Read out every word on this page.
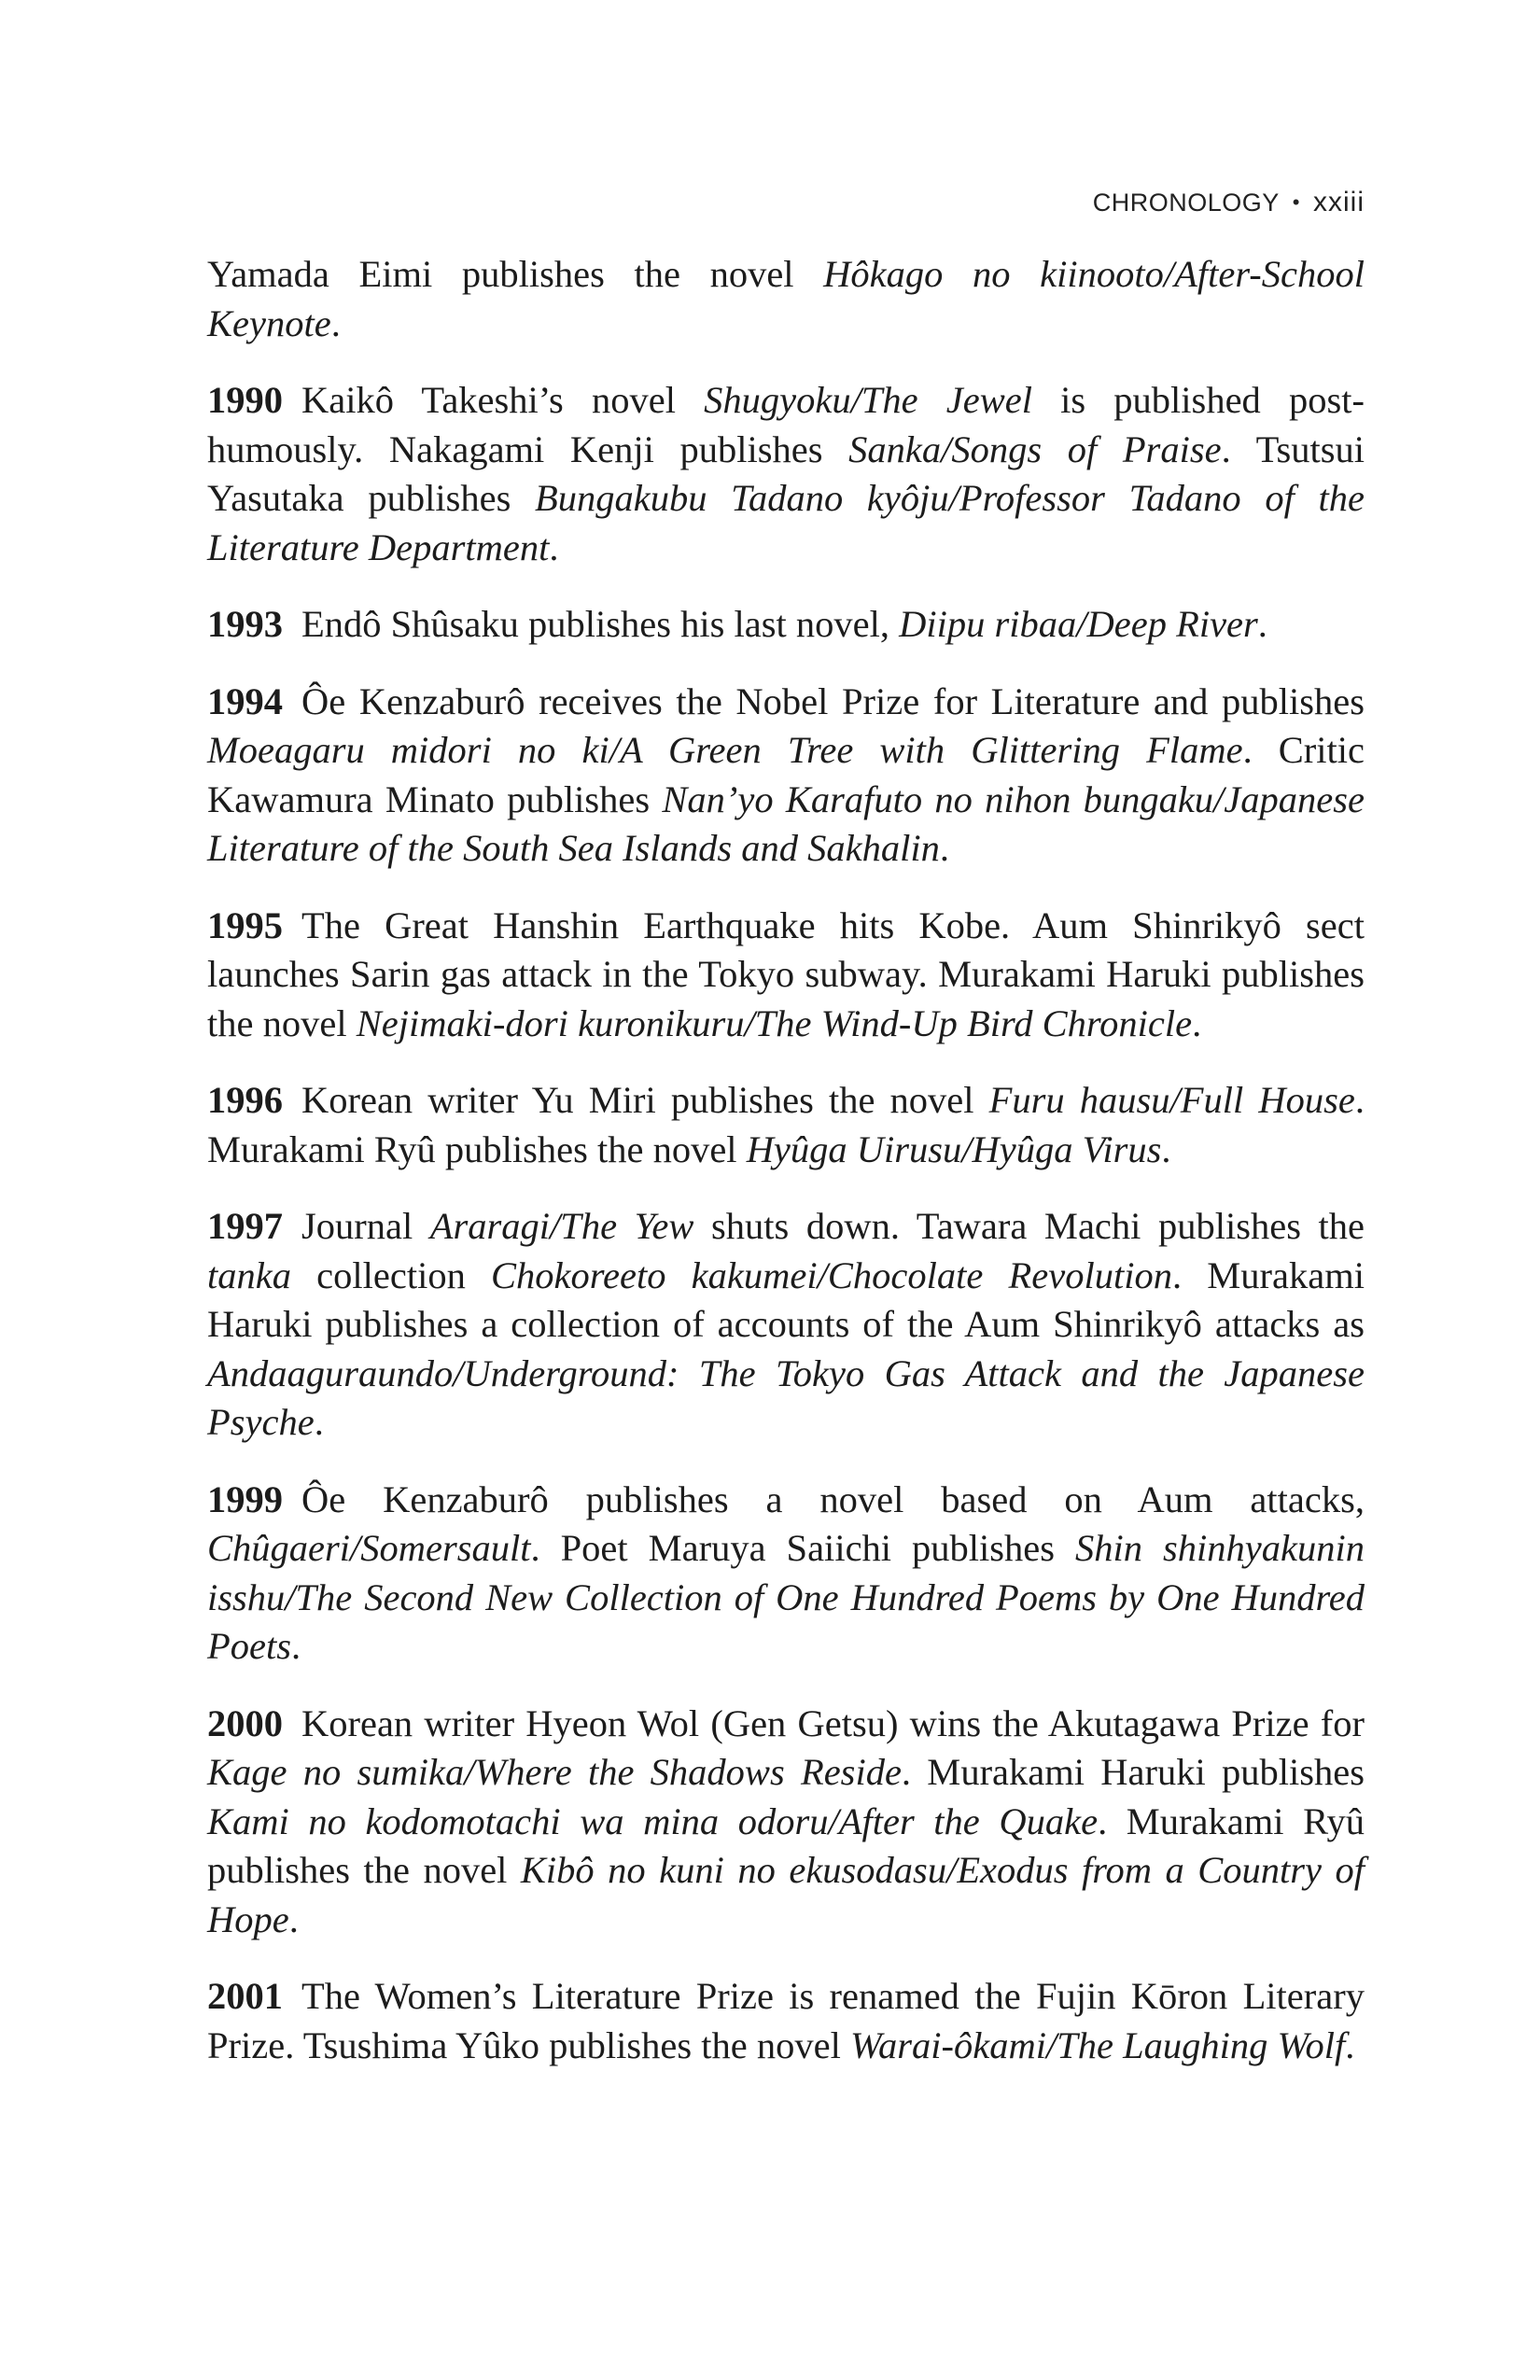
CHRONOLOGY • xxiii

Yamada Eimi publishes the novel Hôkago no kiinooto/After-School Keynote.

1990 Kaikô Takeshi’s novel Shugyoku/The Jewel is published posthumously. Nakagami Kenji publishes Sanka/Songs of Praise. Tsutsui Yasutaka publishes Bungakubu Tadano kyôju/Professor Tadano of the Literature Department.

1993 Endô Shûsaku publishes his last novel, Diipu ribaa/Deep River.

1994 Ôe Kenzaburô receives the Nobel Prize for Literature and publishes Moeagaru midori no ki/A Green Tree with Glittering Flame. Critic Kawamura Minato publishes Nan’yo Karafuto no nihon bungaku/Japanese Literature of the South Sea Islands and Sakhalin.

1995 The Great Hanshin Earthquake hits Kobe. Aum Shinrikyô sect launches Sarin gas attack in the Tokyo subway. Murakami Haruki publishes the novel Nejimaki-dori kuronikuru/The Wind-Up Bird Chronicle.

1996 Korean writer Yu Miri publishes the novel Furu hausu/Full House. Murakami Ryû publishes the novel Hyûga Uirusu/Hyûga Virus.

1997 Journal Araragi/The Yew shuts down. Tawara Machi publishes the tanka collection Chokoreeto kakumei/Chocolate Revolution. Murakami Haruki publishes a collection of accounts of the Aum Shinrikyô attacks as Andaaguraundo/Underground: The Tokyo Gas Attack and the Japanese Psyche.

1999 Ôe Kenzaburô publishes a novel based on Aum attacks, Chûgaeri/Somersault. Poet Maruya Saiichi publishes Shin shinhyakunin isshu/The Second New Collection of One Hundred Poems by One Hundred Poets.

2000 Korean writer Hyeon Wol (Gen Getsu) wins the Akutagawa Prize for Kage no sumika/Where the Shadows Reside. Murakami Haruki publishes Kami no kodomotachi wa mina odoru/After the Quake. Murakami Ryû publishes the novel Kibô no kuni no ekusodasu/Exodus from a Country of Hope.

2001 The Women’s Literature Prize is renamed the Fujin Kōron Literary Prize. Tsushima Yûko publishes the novel Warai-ôkami/The Laughing Wolf.
